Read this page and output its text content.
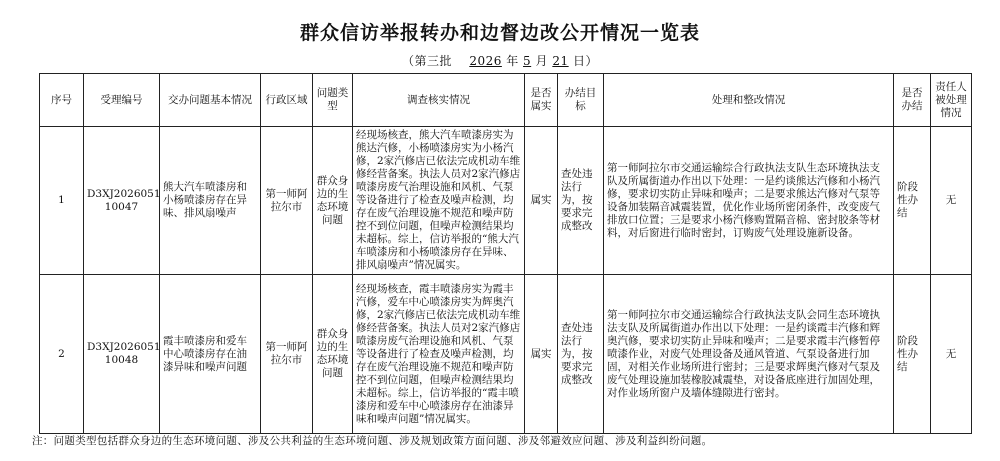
群众信访举报转办和边督边改公开情况一览表
（第三批 2026 年 5 月 21 日）
序号	受理编号	交办问题基本情况	行政区域	问题类型	调查核实情况	是否属实	办结目标	处理和整改情况	是否办结	责任人被处理情况
1	D3XJ2026051 10047	熊大汽车喷漆房和小杨喷漆房存在异味、排风扇噪声	第一师阿拉尔市	群众身边的生态环境问题	经现场核查，熊大汽车喷漆房实为熊达汽修，小杨喷漆房实为小杨汽修，2家汽修店已依法完成机动车维修经营备案。执法人员对2家汽修店喷漆房废气治理设施和风机、气泵等设备进行了检查及噪声检测，均存在废气治理设施不规范和噪声防控不到位问题，但噪声检测结果均未超标。综上，信访举报的“熊大汽车喷漆房和小杨喷漆房存在异味、排风扇噪声”情况属实。	属实	查处违法行为，按要求完成整改	第一师阿拉尔市交通运输综合行政执法支队生态环境执法支队及所属街道办作出以下处理：一是约谈熊达汽修和小杨汽修，要求切实防止异味和噪声；二是要求熊达汽修对气泵等设备加装隔音减震装置，优化作业场所密闭条件，改变废气排放口位置；三是要求小杨汽修购置隔音棉、密封胶条等材料，对后窗进行临时密封，订购废气处理设施新设备。	阶段性办结	无
2	D3XJ2026051 10048	霞丰喷漆房和爱车中心喷漆房存在油漆异味和噪声问题	第一师阿拉尔市	群众身边的生态环境问题	经现场核查，霞丰喷漆房实为霞丰汽修，爱车中心喷漆房实为辉奥汽修，2家汽修店已依法完成机动车维修经营备案。执法人员对2家汽修店喷漆房废气治理设施和风机、气泵等设备进行了检查及噪声检测，均存在废气治理设施不规范和噪声防控不到位问题，但噪声检测结果均未超标。综上，信访举报的“霞丰喷漆房和爱车中心喷漆房存在油漆异味和噪声问题”情况属实。	属实	查处违法行为，按要求完成整改	第一师阿拉尔市交通运输综合行政执法支队会同生态环境执法支队及所属街道办作出以下处理：一是约谈霞丰汽修和辉奥汽修，要求切实防止异味和噪声；二是要求霞丰汽修暂停喷漆作业，对废气处理设备及通风管道、气泵设备进行加固，对相关作业场所进行密封；三是要求辉奥汽修对气泵及废气处理设施加装橡胶减震垫，对设备底座进行加固处理，对作业场所窗户及墙体缝隙进行密封。	阶段性办结	无
注：问题类型包括群众身边的生态环境问题、涉及公共利益的生态环境问题、涉及规划政策方面问题、涉及邻避效应问题、涉及利益纠纷问题。
